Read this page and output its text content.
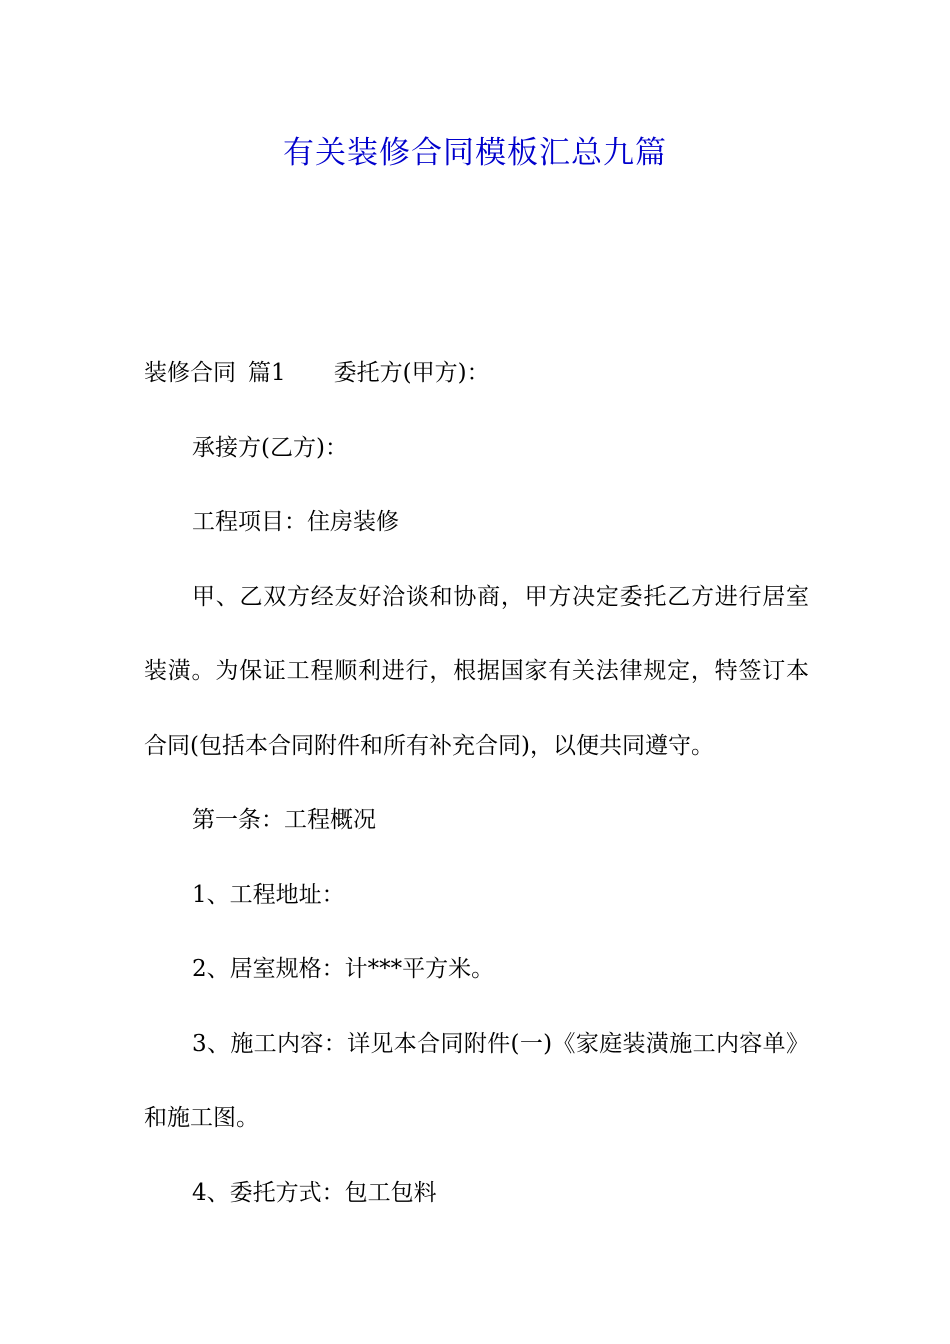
有关装修合同模板汇总九篇

装修合同 篇1 委托方(甲方)：

承接方(乙方)：

工程项目：住房装修

甲、乙双方经友好洽谈和协商，甲方决定委托乙方进行居室装潢。为保证工程顺利进行，根据国家有关法律规定，特签订本合同(包括本合同附件和所有补充合同)，以便共同遵守。

第一条：工程概况

1、工程地址：

2、居室规格：计***平方米。

3、施工内容：详见本合同附件(一)《家庭装潢施工内容单》和施工图。

4、委托方式：包工包料
